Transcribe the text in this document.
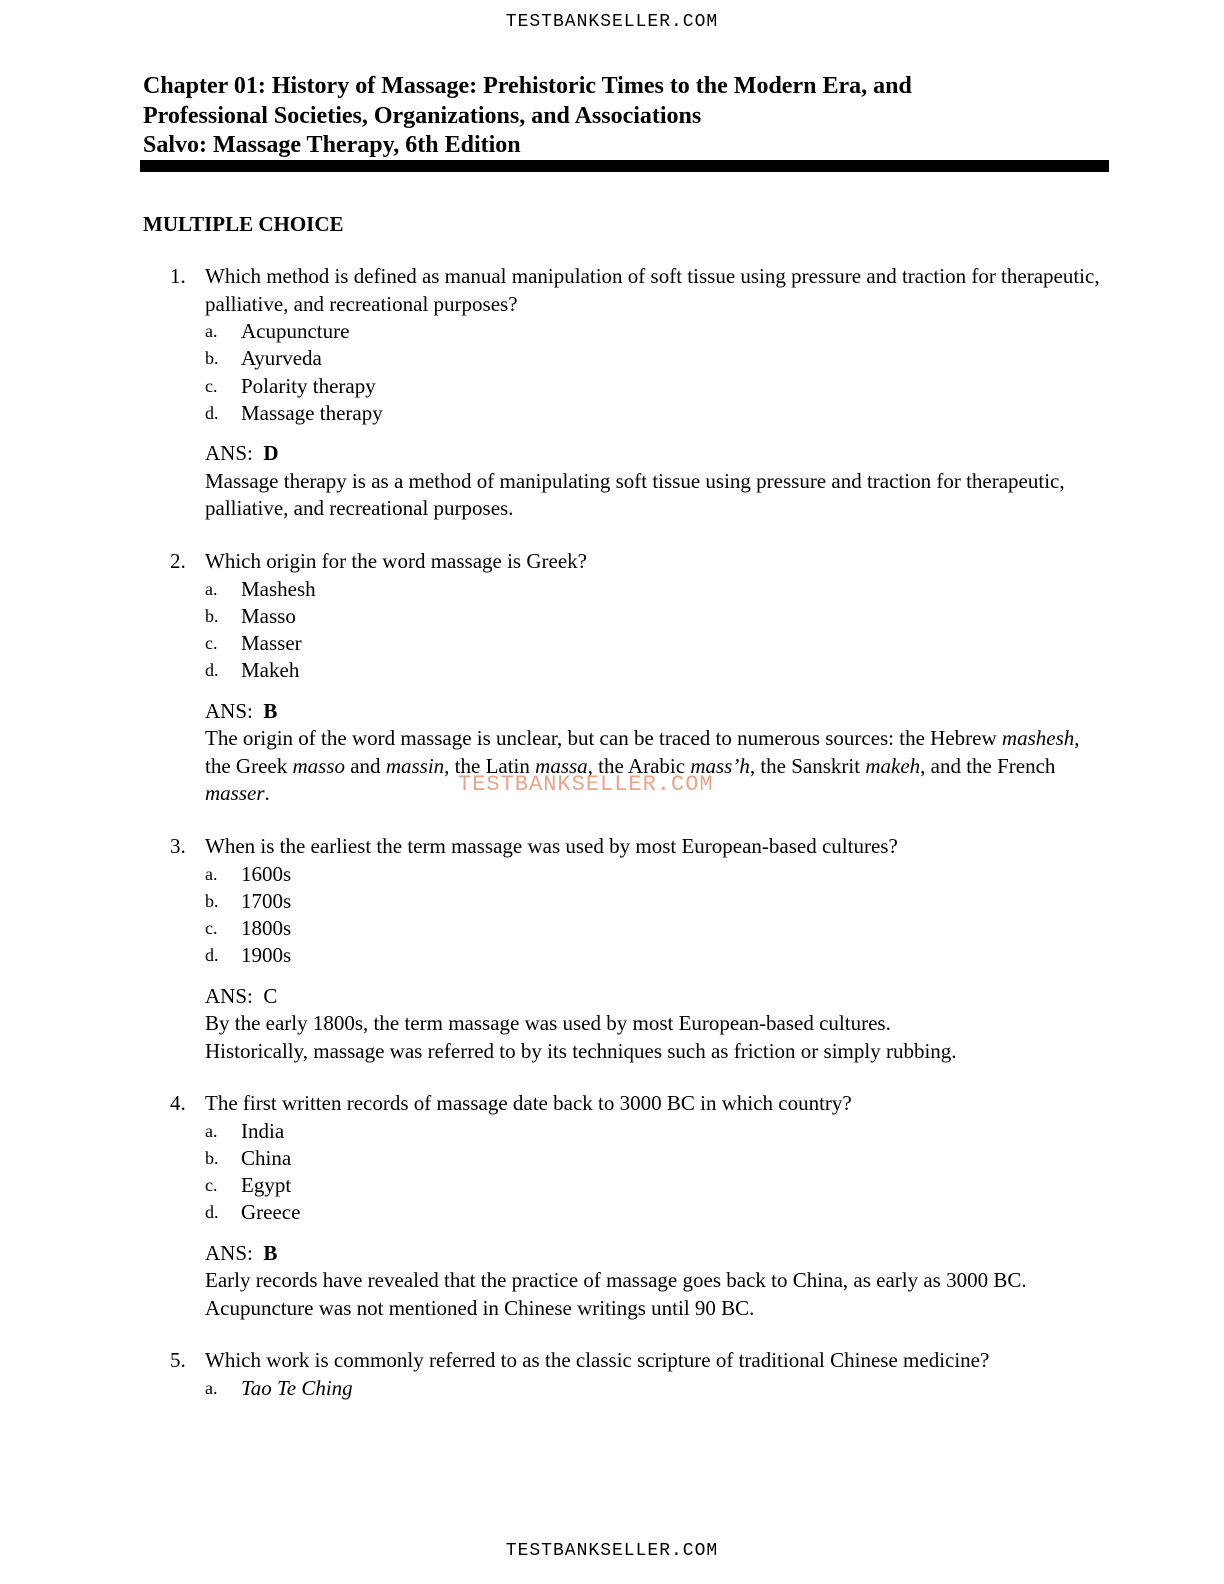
TESTBANKSELLER.COM
Chapter 01: History of Massage: Prehistoric Times to the Modern Era, and
Professional Societies, Organizations, and Associations
Salvo: Massage Therapy, 6th Edition
MULTIPLE CHOICE
1. Which method is defined as manual manipulation of soft tissue using pressure and traction for therapeutic, palliative, and recreational purposes?
a.	Acupuncture
b.	Ayurveda
c.	Polarity therapy
d.	Massage therapy
ANS: D
Massage therapy is as a method of manipulating soft tissue using pressure and traction for therapeutic, palliative, and recreational purposes.
2. Which origin for the word massage is Greek?
a.	Mashesh
b.	Masso
c.	Masser
d.	Makeh
ANS: B
The origin of the word massage is unclear, but can be traced to numerous sources: the Hebrew mashesh, the Greek masso and massin, the Latin massa, the Arabic mass’h, the Sanskrit makeh, and the French masser.	TESTBANKSELLER.COM
3. When is the earliest the term massage was used by most European-based cultures?
a.	1600s
b.	1700s
c.	1800s
d.	1900s
ANS: C
By the early 1800s, the term massage was used by most European-based cultures.
Historically, massage was referred to by its techniques such as friction or simply rubbing.
4. The first written records of massage date back to 3000 BC in which country?
a.	India
b.	China
c.	Egypt
d.	Greece
ANS: B
Early records have revealed that the practice of massage goes back to China, as early as 3000 BC. Acupuncture was not mentioned in Chinese writings until 90 BC.
5. Which work is commonly referred to as the classic scripture of traditional Chinese medicine?
a.	Tao Te Ching
TESTBANKSELLER.COM
